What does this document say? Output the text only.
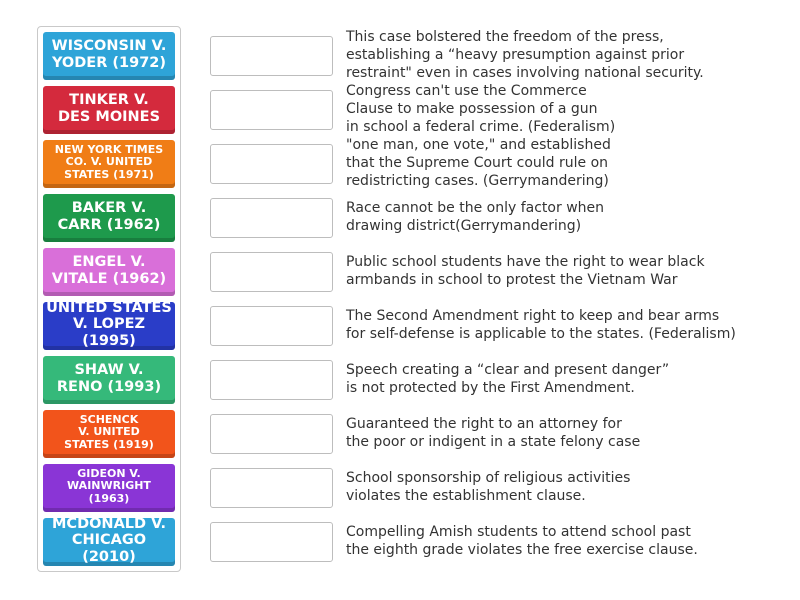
WISCONSIN V.
YODER (1972)
TINKER V.
DES MOINES
NEW YORK TIMES
CO. V. UNITED
STATES (1971)
BAKER V.
CARR (1962)
ENGEL V.
VITALE (1962)
UNITED STATES
V. LOPEZ (1995)
SHAW V.
RENO (1993)
SCHENCK
V. UNITED
STATES (1919)
GIDEON V.
WAINWRIGHT
(1963)
MCDONALD V.
CHICAGO (2010)
This case bolstered the freedom of the press,
establishing a “heavy presumption against prior
restraint" even in cases involving national security.
Congress can't use the Commerce
Clause to make possession of a gun
in school a federal crime. (Federalism)
"one man, one vote," and established
that the Supreme Court could rule on
redistricting cases. (Gerrymandering)
Race cannot be the only factor when
drawing district(Gerrymandering)
Public school students have the right to wear black
armbands in school to protest the Vietnam War
The Second Amendment right to keep and bear arms
for self-defense is applicable to the states. (Federalism)
Speech creating a “clear and present danger”
is not protected by the First Amendment.
Guaranteed the right to an attorney for
the poor or indigent in a state felony case
School sponsorship of religious activities
violates the establishment clause.
Compelling Amish students to attend school past
the eighth grade violates the free exercise clause.
